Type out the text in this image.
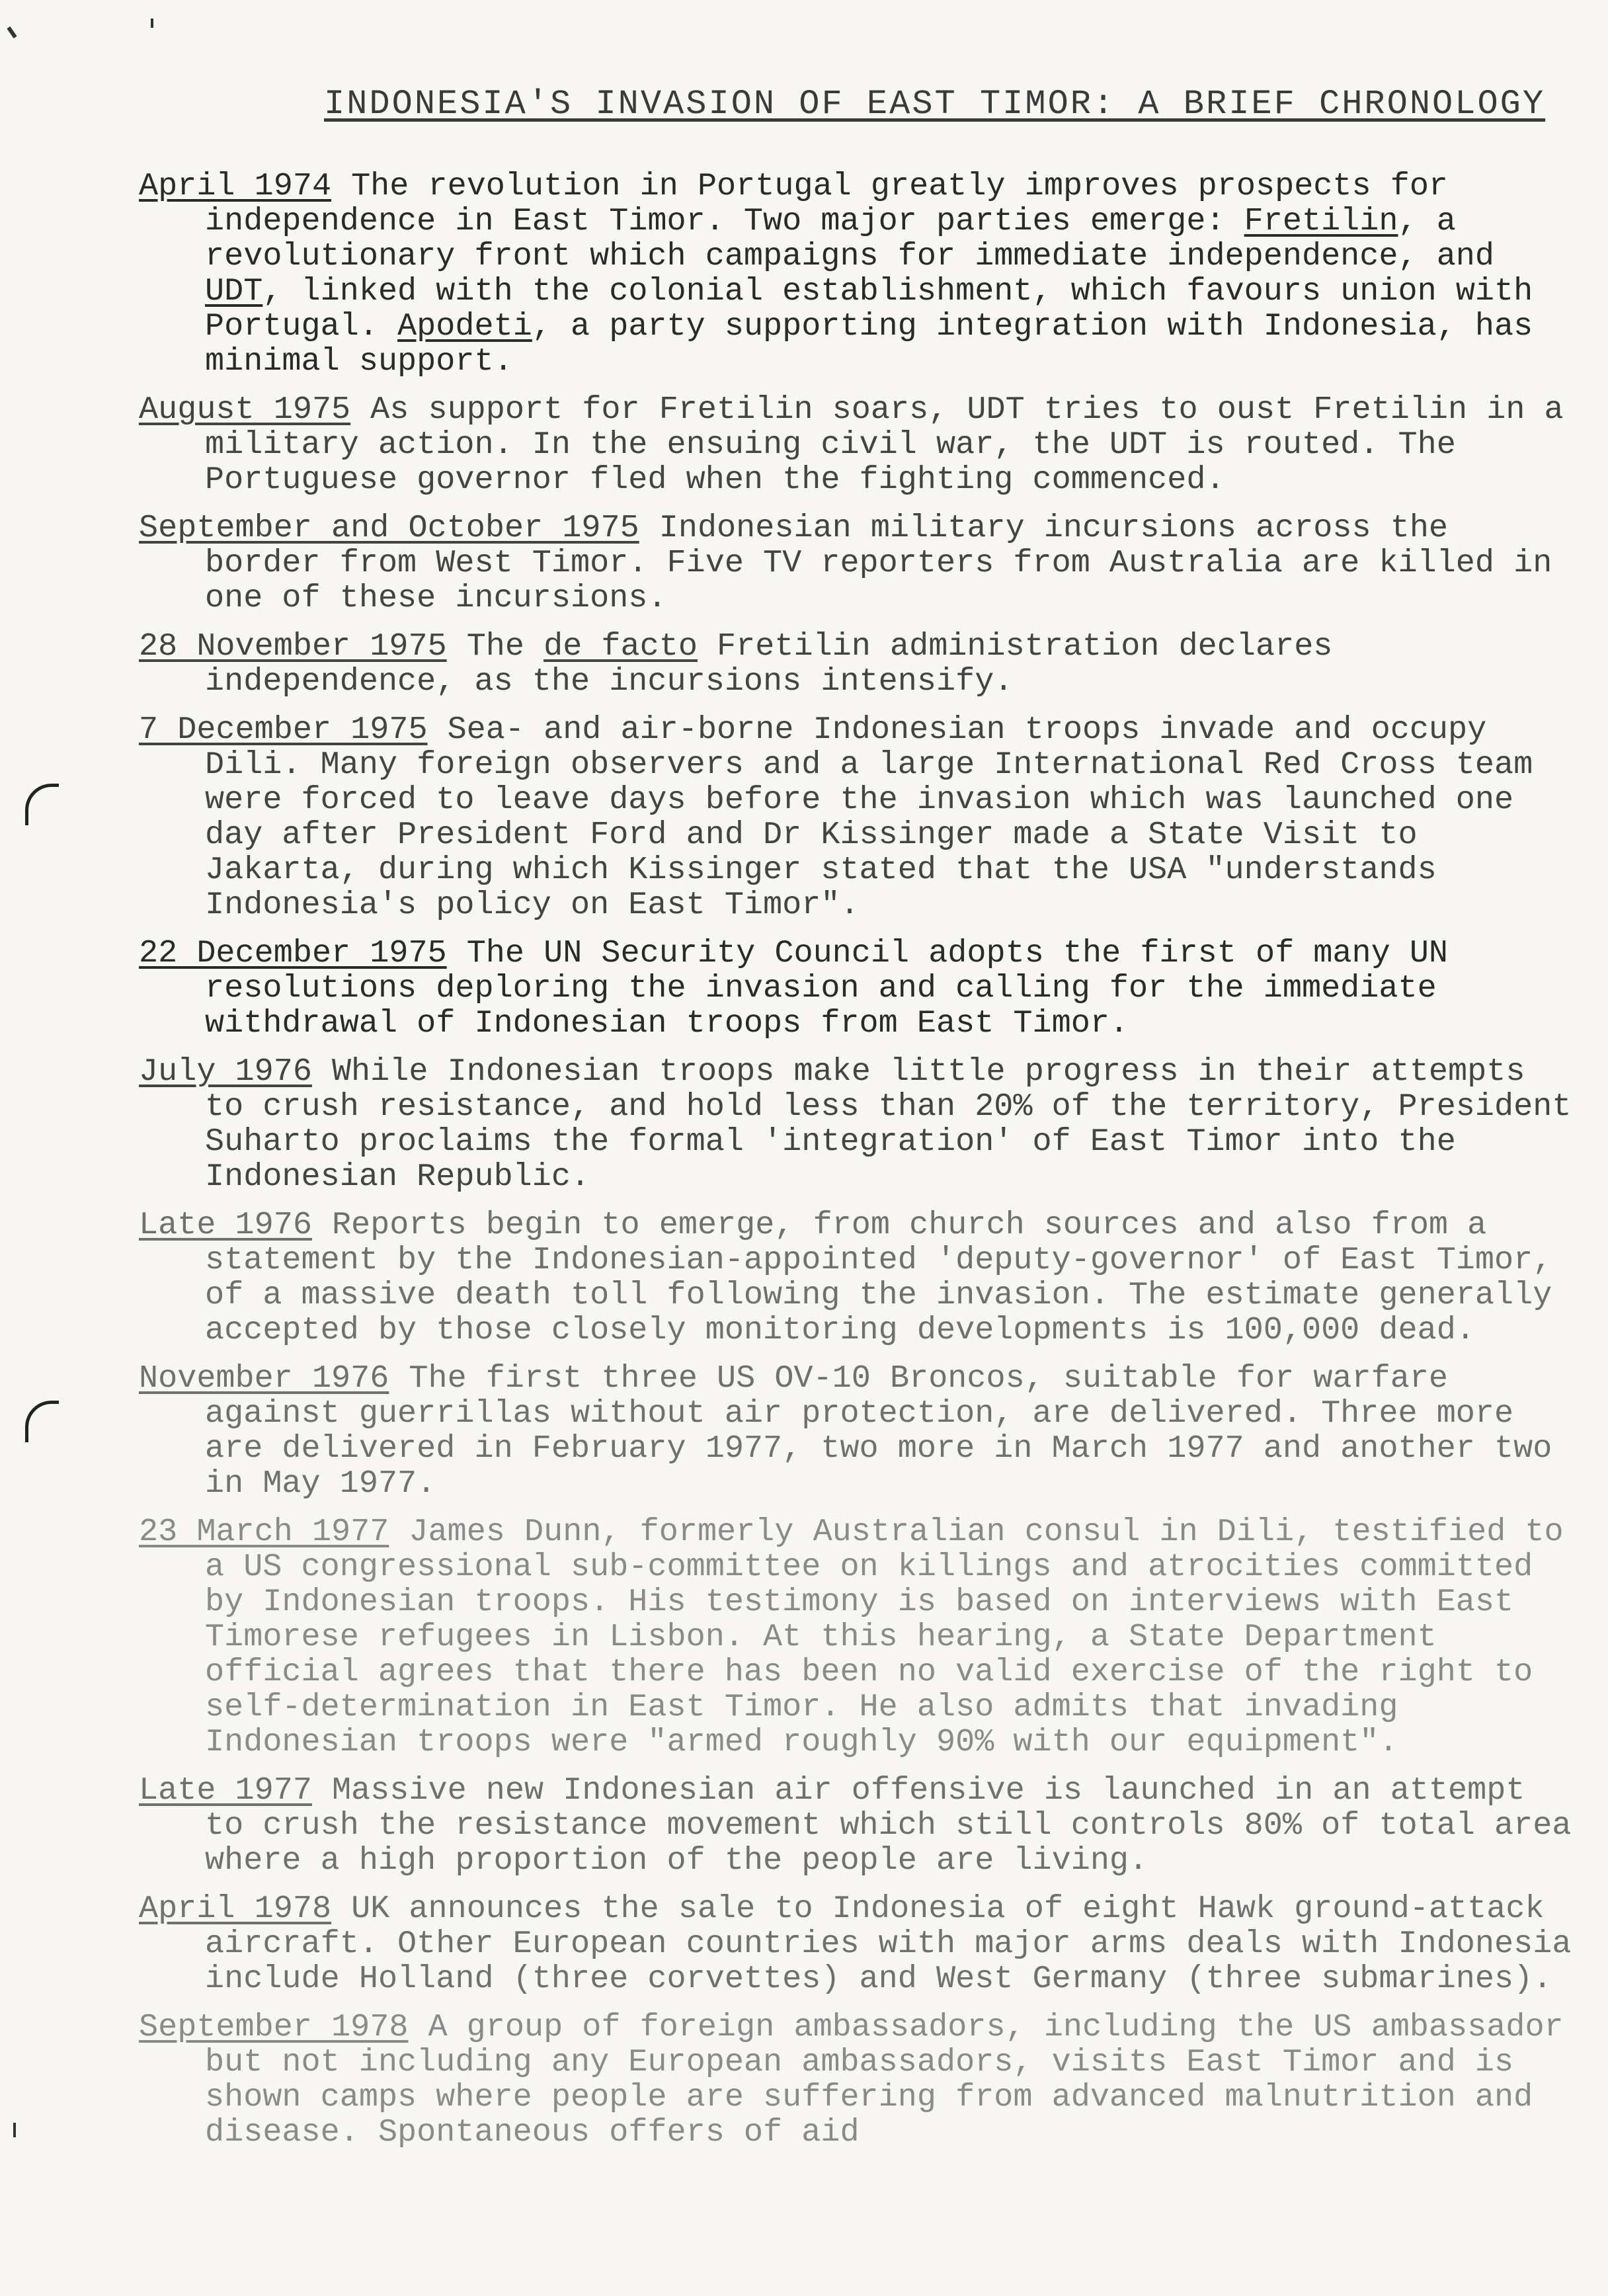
INDONESIA'S INVASION OF EAST TIMOR: A BRIEF CHRONOLOGY

April 1974 The revolution in Portugal greatly improves prospects for independence in East Timor. Two major parties emerge: Fretilin, a revolutionary front which campaigns for immediate independence, and UDT, linked with the colonial establishment, which favours union with Portugal. Apodeti, a party supporting integration with Indonesia, has minimal support.

August 1975 As support for Fretilin soars, UDT tries to oust Fretilin in a military action. In the ensuing civil war, the UDT is routed. The Portuguese governor fled when the fighting commenced.

September and October 1975 Indonesian military incursions across the border from West Timor. Five TV reporters from Australia are killed in one of these incursions.

28 November 1975 The de facto Fretilin administration declares independence, as the incursions intensify.

7 December 1975 Sea- and air-borne Indonesian troops invade and occupy Dili. Many foreign observers and a large International Red Cross team were forced to leave days before the invasion which was launched one day after President Ford and Dr Kissinger made a State Visit to Jakarta, during which Kissinger stated that the USA "understands Indonesia's policy on East Timor".

22 December 1975 The UN Security Council adopts the first of many UN resolutions deploring the invasion and calling for the immediate withdrawal of Indonesian troops from East Timor.

July 1976 While Indonesian troops make little progress in their attempts to crush resistance, and hold less than 20% of the territory, President Suharto proclaims the formal 'integration' of East Timor into the Indonesian Republic.

Late 1976 Reports begin to emerge, from church sources and also from a statement by the Indonesian-appointed 'deputy-governor' of East Timor, of a massive death toll following the invasion. The estimate generally accepted by those closely monitoring developments is 100,000 dead.

November 1976 The first three US OV-10 Broncos, suitable for warfare against guerrillas without air protection, are delivered. Three more are delivered in February 1977, two more in March 1977 and another two in May 1977.

23 March 1977 James Dunn, formerly Australian consul in Dili, testified to a US congressional sub-committee on killings and atrocities committed by Indonesian troops. His testimony is based on interviews with East Timorese refugees in Lisbon. At this hearing, a State Department official agrees that there has been no valid exercise of the right to self-determination in East Timor. He also admits that invading Indonesian troops were "armed roughly 90% with our equipment".

Late 1977 Massive new Indonesian air offensive is launched in an attempt to crush the resistance movement which still controls 80% of total area where a high proportion of the people are living.

April 1978 UK announces the sale to Indonesia of eight Hawk ground-attack aircraft. Other European countries with major arms deals with Indonesia include Holland (three corvettes) and West Germany (three submarines).

September 1978 A group of foreign ambassadors, including the US ambassador but not including any European ambassadors, visits East Timor and is shown camps where people are suffering from advanced malnutrition and disease. Spontaneous offers of aid
